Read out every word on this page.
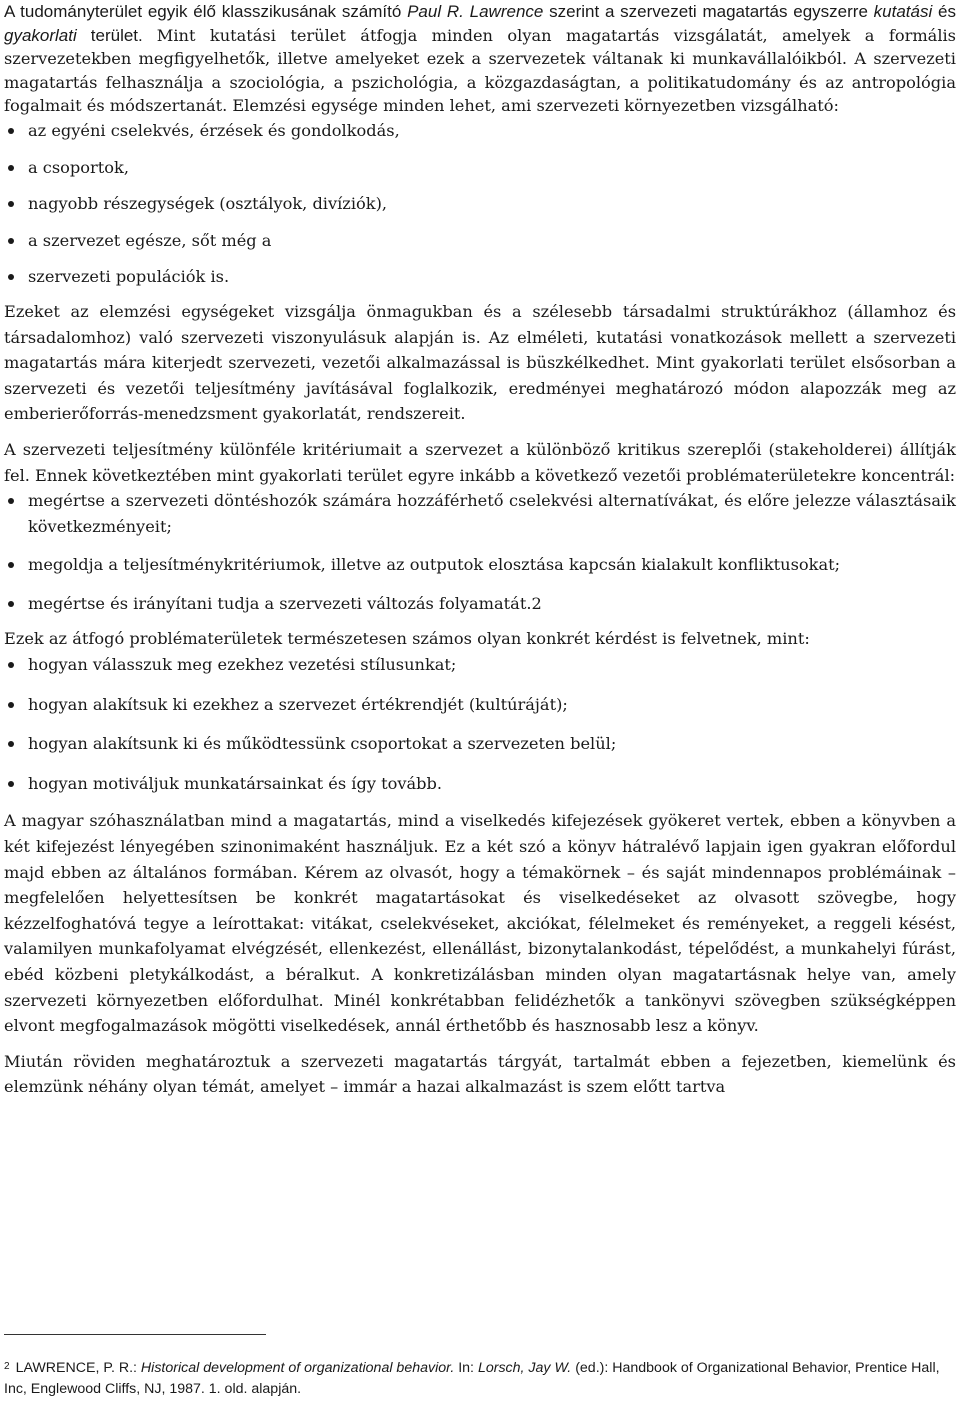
A tudományterület egyik élő klasszikusának számító Paul R. Lawrence szerint a szervezeti magatartás egyszerre kutatási és gyakorlati terület. Mint kutatási terület átfogja minden olyan magatartás vizsgálatát, amelyek a formális szervezetekben megfigyelhetők, illetve amelyeket ezek a szervezetek váltanak ki munkavállalóikból. A szervezeti magatartás felhasználja a szociológia, a pszichológia, a közgazdaságtan, a politikatudomány és az antropológia fogalmait és módszertanát. Elemzési egysége minden lehet, ami szervezeti környezetben vizsgálható:

az egyéni cselekvés, érzések és gondolkodás,
a csoportok,
nagyobb részegységek (osztályok, divíziók),
a szervezet egésze, sőt még a
szervezeti populációk is.

Ezeket az elemzési egységeket vizsgálja önmagukban és a szélesebb társadalmi struktúrákhoz (államhoz és társadalomhoz) való szervezeti viszonyulásuk alapján is. Az elméleti, kutatási vonatkozások mellett a szervezeti magatartás mára kiterjedt szervezeti, vezetői alkalmazással is büszkélkedhet. Mint gyakorlati terület elsősorban a szervezeti és vezetői teljesítmény javításával foglalkozik, eredményei meghatározó módon alapozzák meg az emberierőforrás-menedzsment gyakorlatát, rendszereit.

A szervezeti teljesítmény különféle kritériumait a szervezet a különböző kritikus szereplői (stakeholderei) állítják fel. Ennek következtében mint gyakorlati terület egyre inkább a következő vezetői problématerületekre koncentrál:

megértse a szervezeti döntéshozók számára hozzáférhető cselekvési alternatívákat, és előre jelezze választásaik következményeit;
megoldja a teljesítménykritériumok, illetve az outputok elosztása kapcsán kialakult konfliktusokat;
megértse és irányítani tudja a szervezeti változás folyamatát.2

Ezek az átfogó problématerületek természetesen számos olyan konkrét kérdést is felvetnek, mint:

hogyan válasszuk meg ezekhez vezetési stílusunkat;
hogyan alakítsuk ki ezekhez a szervezet értékrendjét (kultúráját);
hogyan alakítsunk ki és működtessünk csoportokat a szervezeten belül;
hogyan motiváljuk munkatársainkat és így tovább.

A magyar szóhasználatban mind a magatartás, mind a viselkedés kifejezések gyökeret vertek, ebben a könyvben a két kifejezést lényegében szinonimaként használjuk. Ez a két szó a könyv hátralévő lapjain igen gyakran előfordul majd ebben az általános formában. Kérem az olvasót, hogy a témakörnek – és saját mindennapos problémáinak – megfelelően helyettesítsen be konkrét magatartásokat és viselkedéseket az olvasott szövegbe, hogy kézzelfoghatóvá tegye a leírottakat: vitákat, cselekvéseket, akciókat, félelmeket és reményeket, a reggeli késést, valamilyen munkafolyamat elvégzését, ellenkezést, ellenállást, bizonytalankodást, tépelődést, a munkahelyi fúrást, ebéd közbeni pletykálkodást, a béralkut. A konkretizálásban minden olyan magatartásnak helye van, amely szervezeti környezetben előfordulhat. Minél konkrétabban felidézhetők a tankönyvi szövegben szükségképpen elvont megfogalmazások mögötti viselkedések, annál érthetőbb és hasznosabb lesz a könyv.

Miután röviden meghatároztuk a szervezeti magatartás tárgyát, tartalmát ebben a fejezetben, kiemelünk és elemzünk néhány olyan témát, amelyet – immár a hazai alkalmazást is szem előtt tartva

$^2$ LAWRENCE, P. R.: Historical development of organizational behavior. In: Lorsch, Jay W. (ed.): Handbook of Organizational Behavior, Prentice Hall, Inc, Englewood Cliffs, NJ, 1987. 1. old. alapján.
